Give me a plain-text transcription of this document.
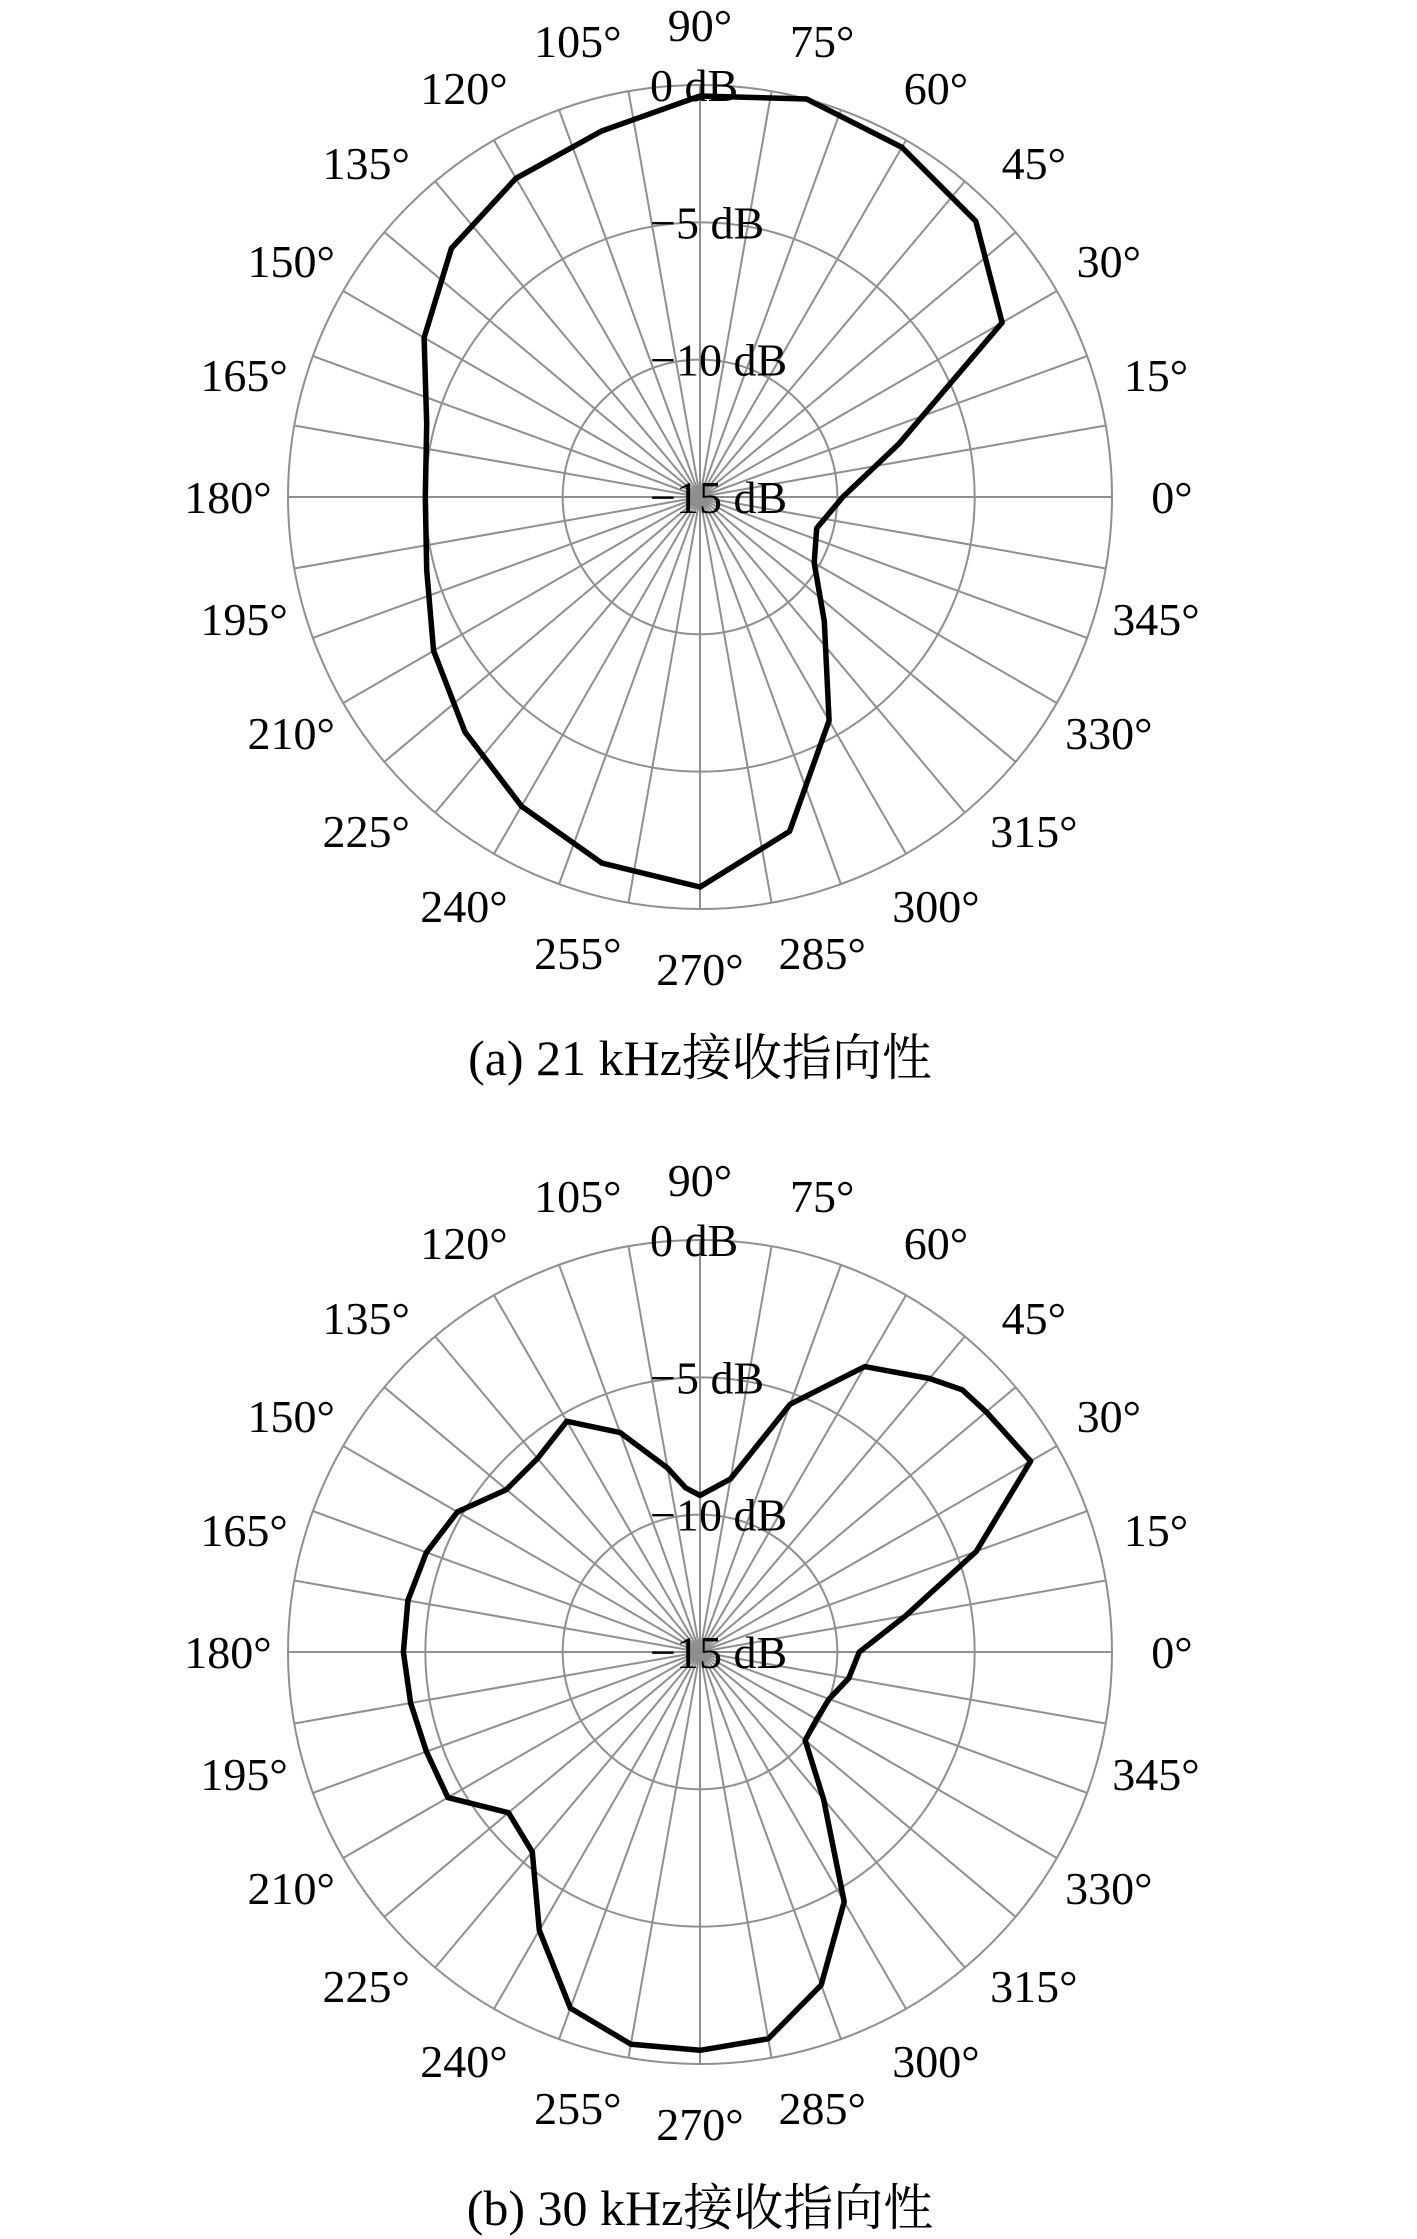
0 dB
−5 dB
−10 dB
−15 dB	0°
15°
30°
45°
60°
75°
90°
105°
120°
135°
150°
165°
180°
195°
210°
225°
240°
255° 270° 285°
300°
315°
330°
345°
(a) 21 kHz接收指向性
0 dB
−5 dB
−10 dB
−15 dB	0°
15°
30°
45°
60°
75°
90°
105°
120°
135°
150°
165°
180°
195°
210°
225°
240°
255° 270° 285°
300°
315°
330°
345°
(b) 30 kHz接收指向性
